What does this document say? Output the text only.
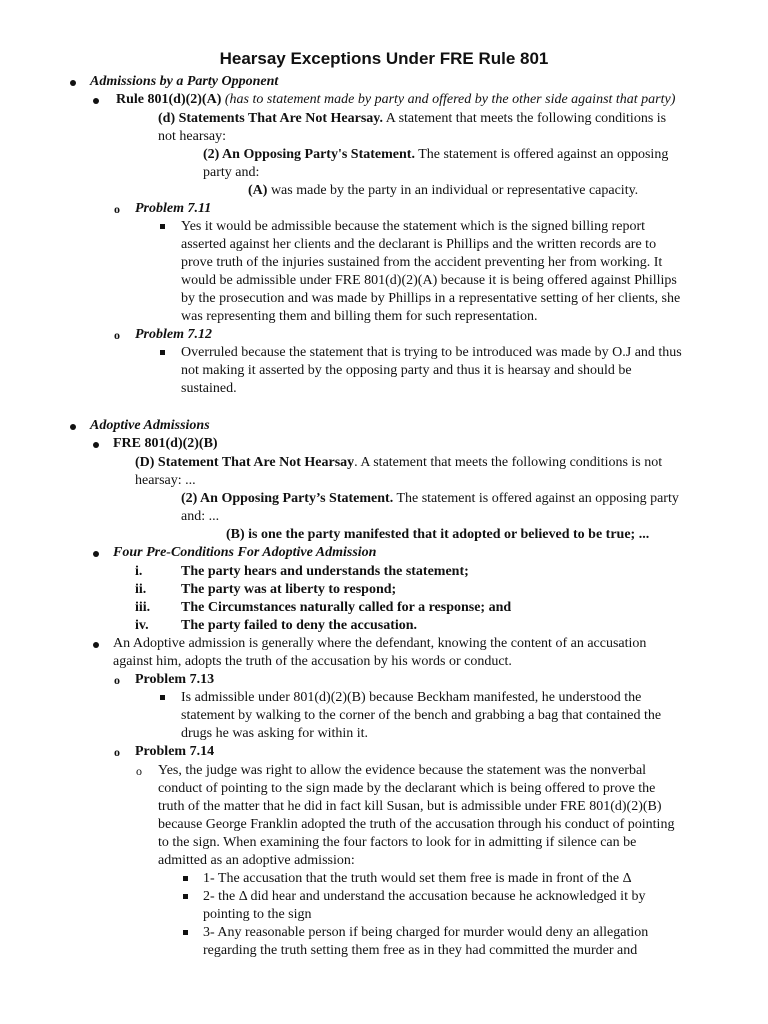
Hearsay Exceptions Under FRE Rule 801
Admissions by a Party Opponent
Rule 801(d)(2)(A) (has to statement made by party and offered by the other side against that party)
(d) Statements That Are Not Hearsay. A statement that meets the following conditions is
not hearsay:
(2) An Opposing Party's Statement. The statement is offered against an opposing
party and:
(A) was made by the party in an individual or representative capacity.
o Problem 7.11
Yes it would be admissible because the statement which is the signed billing report
asserted against her clients and the declarant is Phillips and the written records are to
prove truth of the injuries sustained from the accident preventing her from working. It
would be admissible under FRE 801(d)(2)(A) because it is being offered against Phillips
by the prosecution and was made by Phillips in a representative setting of her clients, she
was representing them and billing them for such representation.
o Problem 7.12
Overruled because the statement that is trying to be introduced was made by O.J and thus
not making it asserted by the opposing party and thus it is hearsay and should be
sustained.
Adoptive Admissions
FRE 801(d)(2)(B)
(D) Statement That Are Not Hearsay. A statement that meets the following conditions is not
hearsay: ...
(2) An Opposing Party’s Statement. The statement is offered against an opposing party
and: ...
(B) is one the party manifested that it adopted or believed to be true; ...
Four Pre-Conditions For Adoptive Admission
i.	The party hears and understands the statement;
ii. The party was at liberty to respond;
iii. The Circumstances naturally called for a response; and
iv. The party failed to deny the accusation.
An Adoptive admission is generally where the defendant, knowing the content of an accusation
against him, adopts the truth of the accusation by his words or conduct.
o Problem 7.13
Is admissible under 801(d)(2)(B) because Beckham manifested, he understood the
statement by walking to the corner of the bench and grabbing a bag that contained the
drugs he was asking for within it.
o Problem 7.14
o Yes, the judge was right to allow the evidence because the statement was the nonverbal
conduct of pointing to the sign made by the declarant which is being offered to prove the
truth of the matter that he did in fact kill Susan, but is admissible under FRE 801(d)(2)(B)
because George Franklin adopted the truth of the accusation through his conduct of pointing
to the sign. When examining the four factors to look for in admitting if silence can be
admitted as an adoptive admission:
1- The accusation that the truth would set them free is made in front of the Δ
2- the Δ did hear and understand the accusation because he acknowledged it by
pointing to the sign
3- Any reasonable person if being charged for murder would deny an allegation
regarding the truth setting them free as in they had committed the murder and
